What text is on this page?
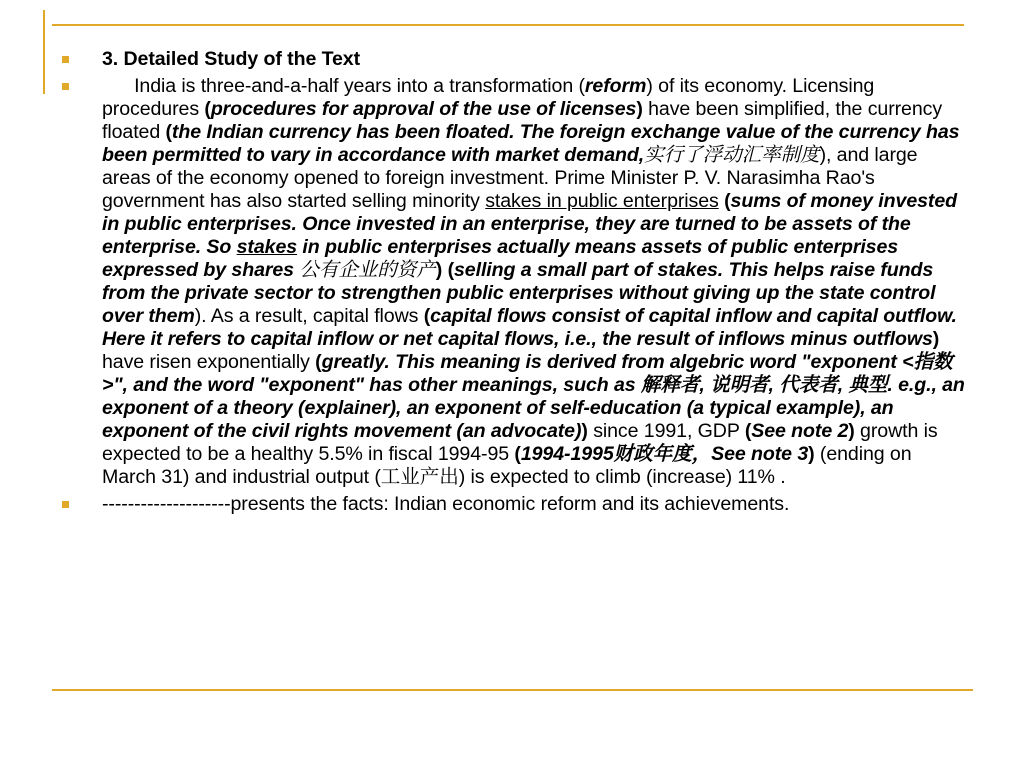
3. Detailed Study of the Text
India is three-and-a-half years into a transformation (reform) of its economy. Licensing procedures (procedures for approval of the use of licenses) have been simplified, the currency floated (the Indian currency has been floated. The foreign exchange value of the currency has been permitted to vary in accordance with market demand,实行了浮动汇率制度), and large areas of the economy opened to foreign investment. Prime Minister P. V. Narasimha Rao's government has also started selling minority stakes in public enterprises (sums of money invested in public enterprises. Once invested in an enterprise, they are turned to be assets of the enterprise. So stakes in public enterprises actually means assets of public enterprises expressed by shares 公有企业的资产) (selling a small part of stakes. This helps raise funds from the private sector to strengthen public enterprises without giving up the state control over them). As a result, capital flows (capital flows consist of capital inflow and capital outflow. Here it refers to capital inflow or net capital flows, i.e., the result of inflows minus outflows) have risen exponentially (greatly. This meaning is derived from algebric word "exponent <指数>", and the word "exponent" has other meanings, such as 解释者, 说明者, 代表者, 典型. e.g., an exponent of a theory (explainer), an exponent of self-education (a typical example), an exponent of the civil rights movement (an advocate)) since 1991, GDP (See note 2) growth is expected to be a healthy 5.5% in fiscal 1994-95 (1994-1995财政年度，See note 3) (ending on March 31) and industrial output (工业产出) is expected to climb (increase) 11% .
--------------------presents the facts: Indian economic reform and its achievements.
